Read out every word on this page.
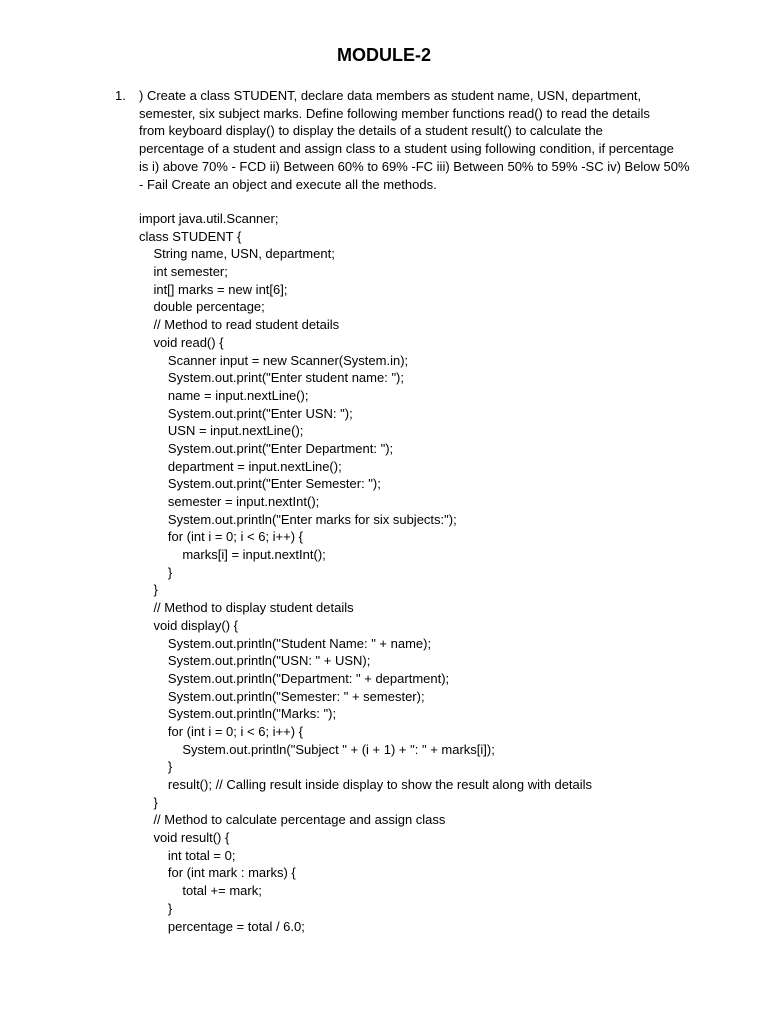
MODULE-2
1. ) Create a class STUDENT, declare data members as student name, USN, department,
semester, six subject marks. Define following member functions read() to read the details
from keyboard display() to display the details of a student result() to calculate the
percentage of a student and assign class to a student using following condition, if percentage
is i) above 70% - FCD ii) Between 60% to 69% -FC iii) Between 50% to 59% -SC iv) Below 50%
- Fail Create an object and execute all the methods.
import java.util.Scanner;
class STUDENT {
String name, USN, department;
int semester;
int[] marks = new int[6];
double percentage;
// Method to read student details
void read() {
Scanner input = new Scanner(System.in);
System.out.print("Enter student name: ");
name = input.nextLine();
System.out.print("Enter USN: ");
USN = input.nextLine();
System.out.print("Enter Department: ");
department = input.nextLine();
System.out.print("Enter Semester: ");
semester = input.nextInt();
System.out.println("Enter marks for six subjects:");
for (int i = 0; i < 6; i++) {
marks[i] = input.nextInt();
}
}
// Method to display student details
void display() {
System.out.println("Student Name: " + name);
System.out.println("USN: " + USN);
System.out.println("Department: " + department);
System.out.println("Semester: " + semester);
System.out.println("Marks: ");
for (int i = 0; i < 6; i++) {
System.out.println("Subject " + (i + 1) + ": " + marks[i]);
}
result(); // Calling result inside display to show the result along with details
}
// Method to calculate percentage and assign class
void result() {
int total = 0;
for (int mark : marks) {
total += mark;
}
percentage = total / 6.0;
